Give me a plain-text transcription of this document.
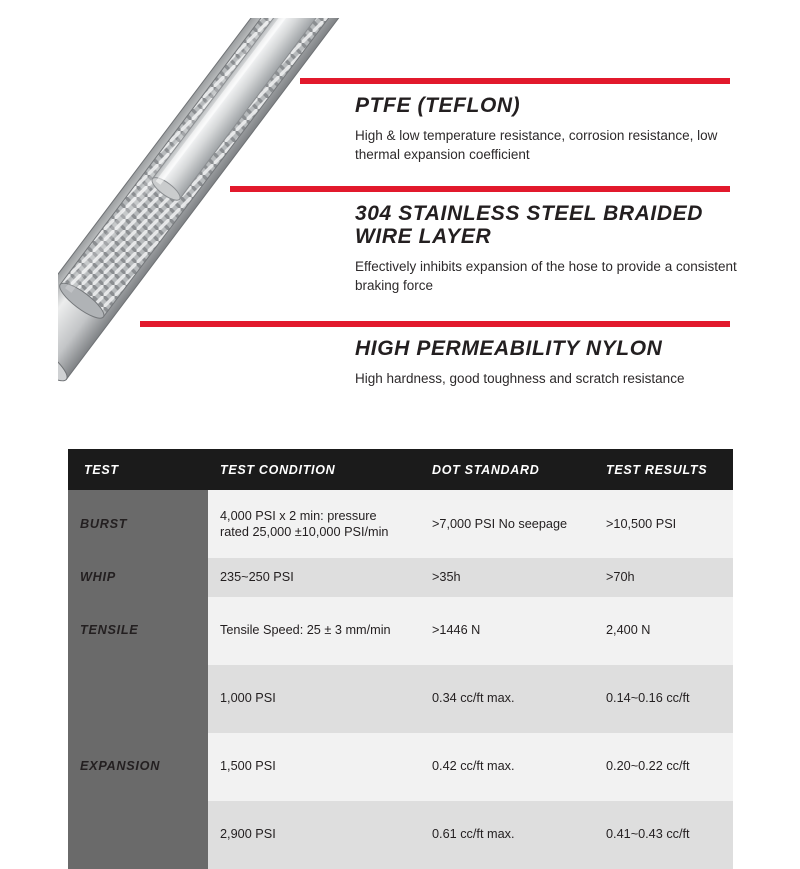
PTFE (TEFLON)
High & low temperature resistance, corrosion resistance, low thermal expansion coefficient
304 STAINLESS STEEL BRAIDED WIRE LAYER
Effectively inhibits expansion of the hose to provide a consistent braking force
HIGH PERMEABILITY NYLON
High hardness, good toughness and scratch resistance
TEST	TEST CONDITION	DOT STANDARD	TEST RESULTS
BURST	4,000 PSI x 2 min: pressure rated 25,000 ±10,000 PSI/min	>7,000 PSI No seepage	>10,500 PSI
WHIP	235~250 PSI	>35h	>70h
TENSILE	Tensile Speed: 25 ± 3 mm/min	>1446 N	2,400 N
EXPANSION	1,000 PSI	0.34 cc/ft max.	0.14~0.16 cc/ft
	1,500 PSI	0.42 cc/ft max.	0.20~0.22 cc/ft
	2,900 PSI	0.61 cc/ft max.	0.41~0.43 cc/ft
